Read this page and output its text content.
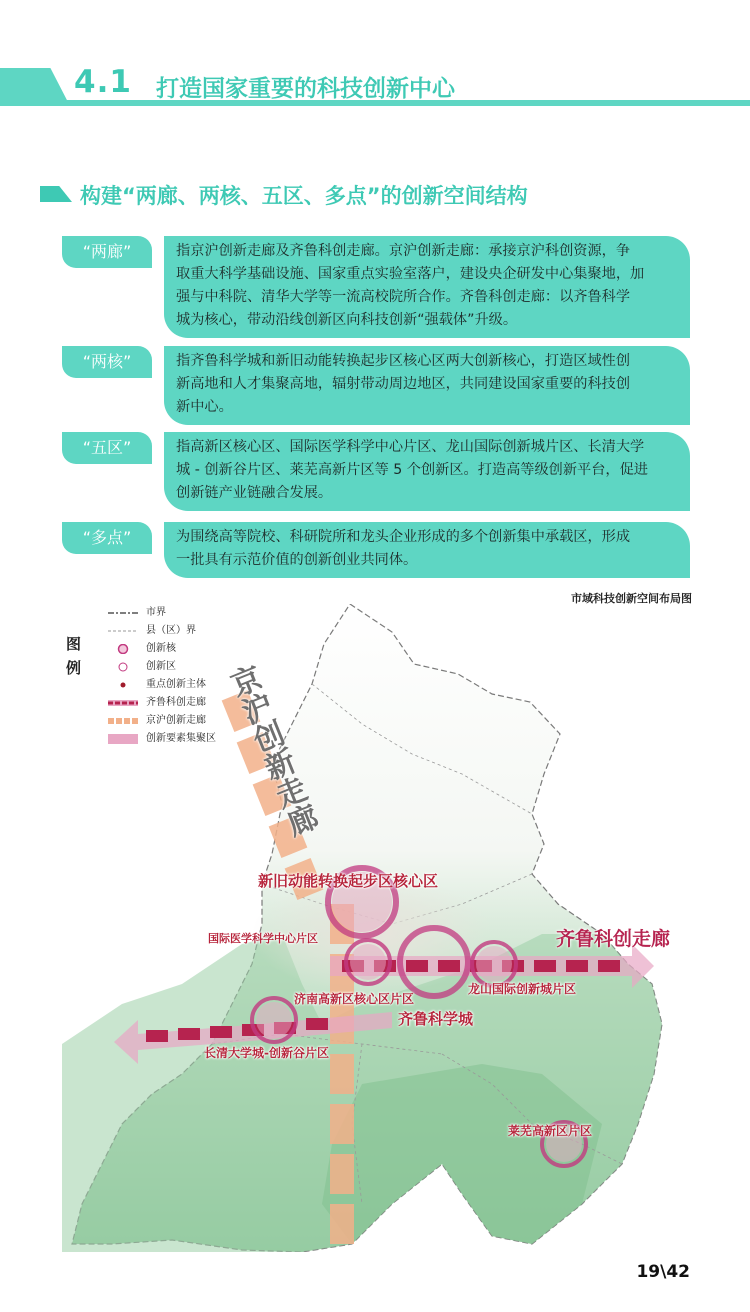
4.1 打造国家重要的科技创新中心
构建“两廊、两核、五区、多点”的创新空间结构
“两廊”	指京沪创新走廊及齐鲁科创走廊。京沪创新走廊：承接京沪科创资源，争
取重大科学基础设施、国家重点实验室落户，建设央企研发中心集聚地，加
强与中科院、清华大学等一流高校院所合作。齐鲁科创走廊：以齐鲁科学
城为核心，带动沿线创新区向科技创新“强载体”升级。
“两核”	指齐鲁科学城和新旧动能转换起步区核心区两大创新核心，打造区域性创
新高地和人才集聚高地，辐射带动周边地区，共同建设国家重要的科技创
新中心。
“五区”	指高新区核心区、国际医学科学中心片区、龙山国际创新城片区、长清大学
城 - 创新谷片区、莱芜高新片区等 5 个创新区。打造高等级创新平台，促进
创新链产业链融合发展。
“多点”	为围绕高等院校、科研院所和龙头企业形成的多个创新集中承载区，形成
一批具有示范价值的创新创业共同体。
市域科技创新空间布局图
京沪创新走廊
新旧动能转换起步区核心区
国际医学科学中心片区	齐鲁科创走廊
济南高新区核心区片区
龙山国际创新城片区
齐鲁科学城
长清大学城-创新谷片区
莱芜高新区片区
图例
市界
县（区）界
创新核
创新区
重点创新主体
齐鲁科创走廊
京沪创新走廊
创新要素集聚区
19\42
